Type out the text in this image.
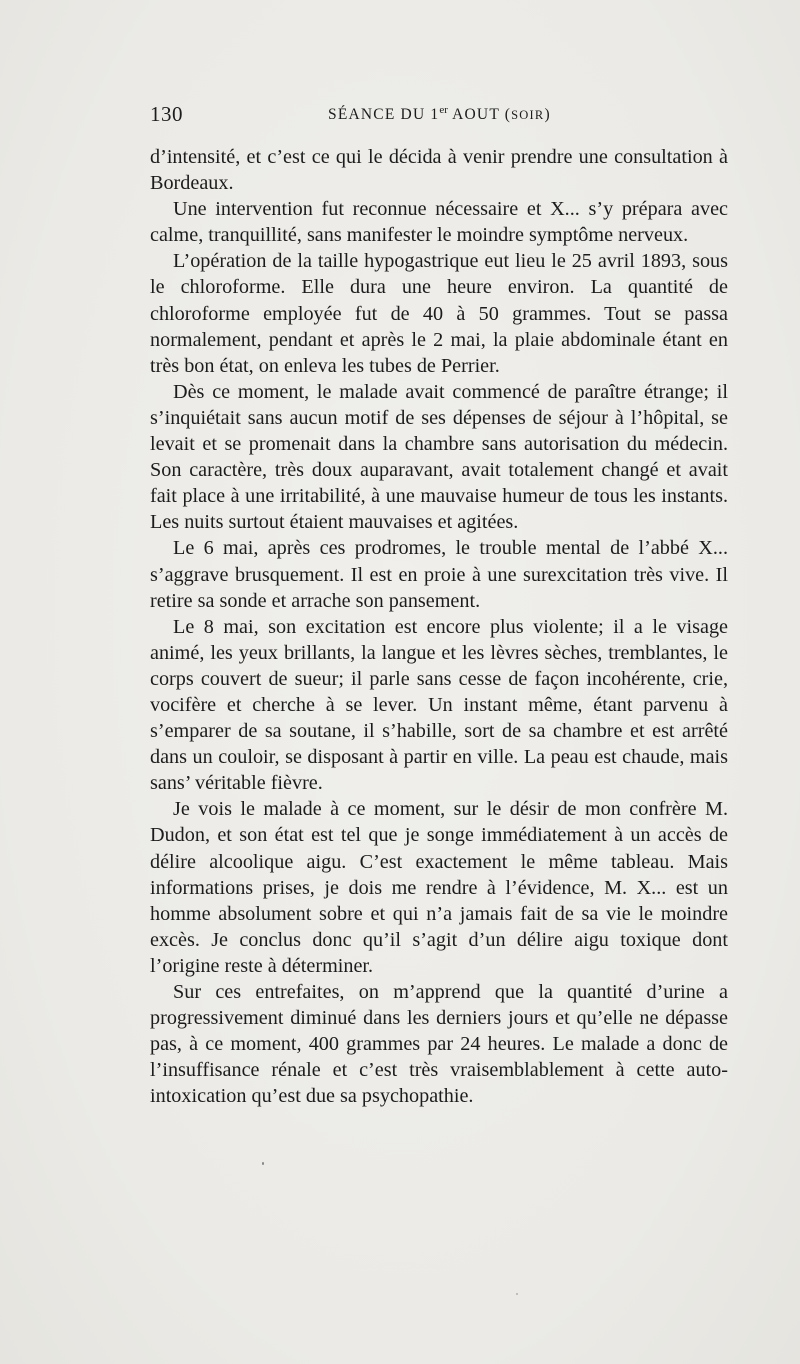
130	SÉANCE DU 1er AOUT (SOIR)

d’intensité, et c’est ce qui le décida à venir prendre une consultation à Bordeaux.

Une intervention fut reconnue nécessaire et X... s’y prépara avec calme, tranquillité, sans manifester le moindre symptôme nerveux.

L’opération de la taille hypogastrique eut lieu le 25 avril 1893, sous le chloroforme. Elle dura une heure environ. La quantité de chloroforme employée fut de 40 à 50 grammes. Tout se passa normalement, pendant et après le 2 mai, la plaie abdominale étant en très bon état, on enleva les tubes de Perrier.

Dès ce moment, le malade avait commencé de paraître étrange; il s’inquiétait sans aucun motif de ses dépenses de séjour à l’hôpital, se levait et se promenait dans la chambre sans autorisation du médecin. Son caractère, très doux auparavant, avait totalement changé et avait fait place à une irritabilité, à une mauvaise humeur de tous les instants. Les nuits surtout étaient mauvaises et agitées.

Le 6 mai, après ces prodromes, le trouble mental de l’abbé X... s’aggrave brusquement. Il est en proie à une surexcitation très vive. Il retire sa sonde et arrache son pansement.

Le 8 mai, son excitation est encore plus violente; il a le visage animé, les yeux brillants, la langue et les lèvres sèches, tremblantes, le corps couvert de sueur; il parle sans cesse de façon incohérente, crie, vocifère et cherche à se lever. Un instant même, étant parvenu à s’emparer de sa soutane, il s’habille, sort de sa chambre et est arrêté dans un couloir, se disposant à partir en ville. La peau est chaude, mais sans’ véritable fièvre.

Je vois le malade à ce moment, sur le désir de mon confrère M. Dudon, et son état est tel que je songe immédiatement à un accès de délire alcoolique aigu. C’est exactement le même tableau. Mais informations prises, je dois me rendre à l’évidence, M. X... est un homme absolument sobre et qui n’a jamais fait de sa vie le moindre excès. Je conclus donc qu’il s’agit d’un délire aigu toxique dont l’origine reste à déterminer.

Sur ces entrefaites, on m’apprend que la quantité d’urine a progressivement diminué dans les derniers jours et qu’elle ne dépasse pas, à ce moment, 400 grammes par 24 heures. Le malade a donc de l’insuffisance rénale et c’est très vraisemblablement à cette auto-intoxication qu’est due sa psychopathie.
